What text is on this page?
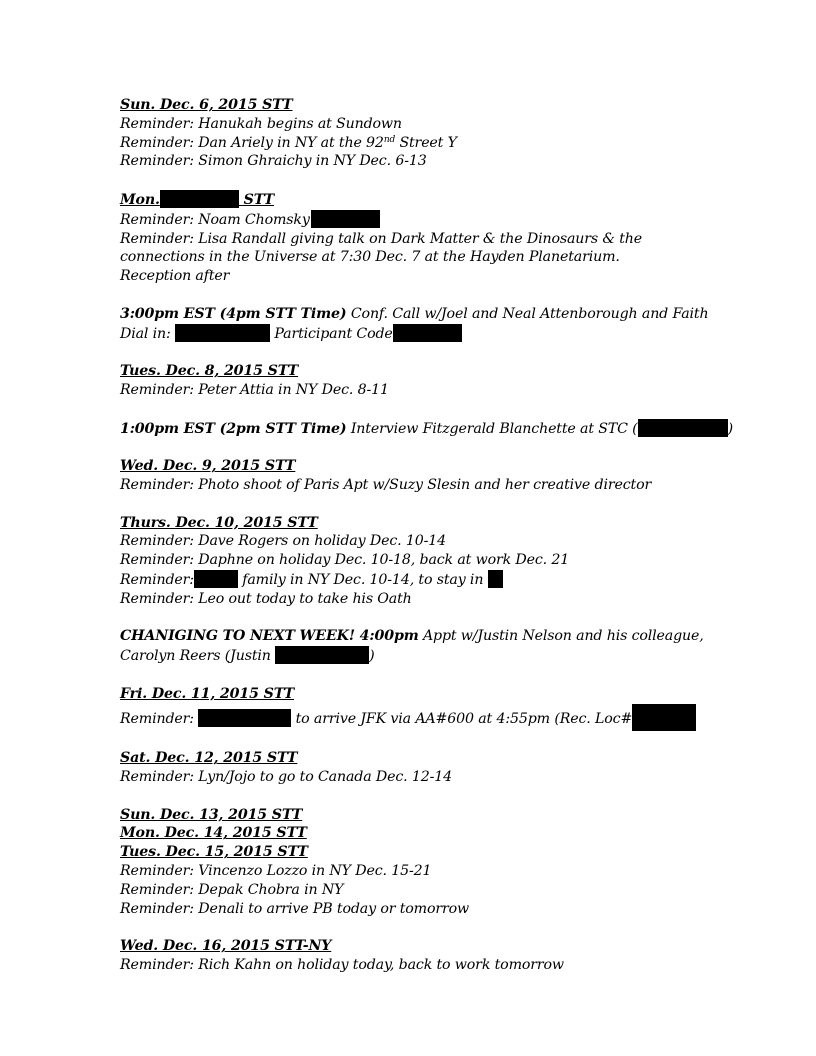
Sun. Dec. 6, 2015 STT
Reminder: Hanukah begins at Sundown
Reminder: Dan Ariely in NY at the 92nd Street Y
Reminder: Simon Ghraichy in NY Dec. 6-13
Mon.	STT
Reminder: Noam Chomsky
Reminder: Lisa Randall giving talk on Dark Matter & the Dinosaurs & the connections in the Universe at 7:30 Dec. 7 at the Hayden Planetarium. Reception after
3:00pm EST (4pm STT Time) Conf. Call w/Joel and Neal Attenborough and Faith
Dial in:	Participant Code
Tues. Dec. 8, 2015 STT
Reminder: Peter Attia in NY Dec. 8-11
1:00pm EST (2pm STT Time) Interview Fitzgerald Blanchette at STC (	)
Wed. Dec. 9, 2015 STT
Reminder: Photo shoot of Paris Apt w/Suzy Slesin and her creative director
Thurs. Dec. 10, 2015 STT
Reminder: Dave Rogers on holiday Dec. 10-14
Reminder: Daphne on holiday Dec. 10-18, back at work Dec. 21
Reminder:	family in NY Dec. 10-14, to stay in
Reminder: Leo out today to take his Oath
CHANIGING TO NEXT WEEK! 4:00pm Appt w/Justin Nelson and his colleague,
Carolyn Reers (Justin	)
Fri. Dec. 11, 2015 STT
Reminder:	to arrive JFK via AA#600 at 4:55pm (Rec. Loc#
Sat. Dec. 12, 2015 STT
Reminder: Lyn/Jojo to go to Canada Dec. 12-14
Sun. Dec. 13, 2015 STT
Mon. Dec. 14, 2015 STT
Tues. Dec. 15, 2015 STT
Reminder: Vincenzo Lozzo in NY Dec. 15-21
Reminder: Depak Chobra in NY
Reminder: Denali to arrive PB today or tomorrow
Wed. Dec. 16, 2015 STT-NY
Reminder: Rich Kahn on holiday today, back to work tomorrow
